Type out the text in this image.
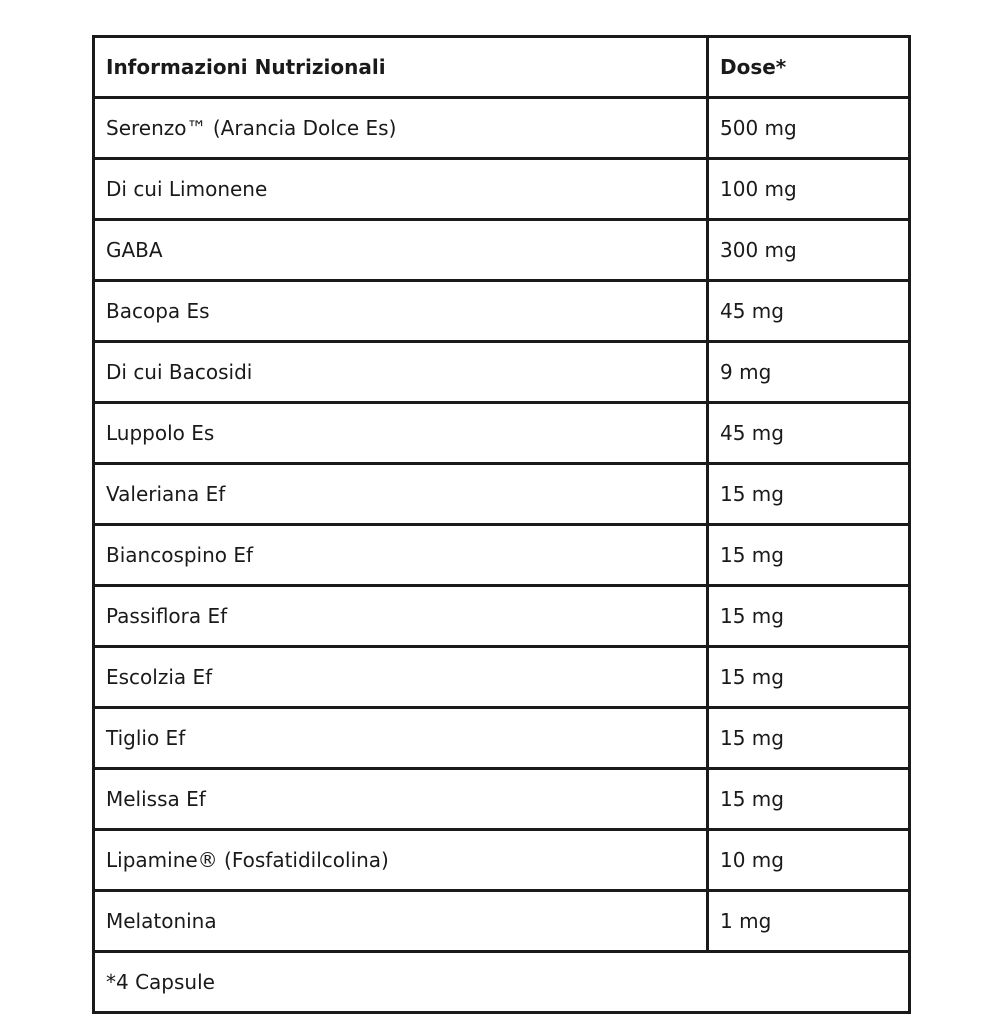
Informazioni Nutrizionali	Dose*
Serenzo™ (Arancia Dolce Es)	500 mg
Di cui Limonene	100 mg
GABA	300 mg
Bacopa Es	45 mg
Di cui Bacosidi	9 mg
Luppolo Es	45 mg
Valeriana Ef	15 mg
Biancospino Ef	15 mg
Passiflora Ef	15 mg
Escolzia Ef	15 mg
Tiglio Ef	15 mg
Melissa Ef	15 mg
Lipamine® (Fosfatidilcolina)	10 mg
Melatonina	1 mg
*4 Capsule	
